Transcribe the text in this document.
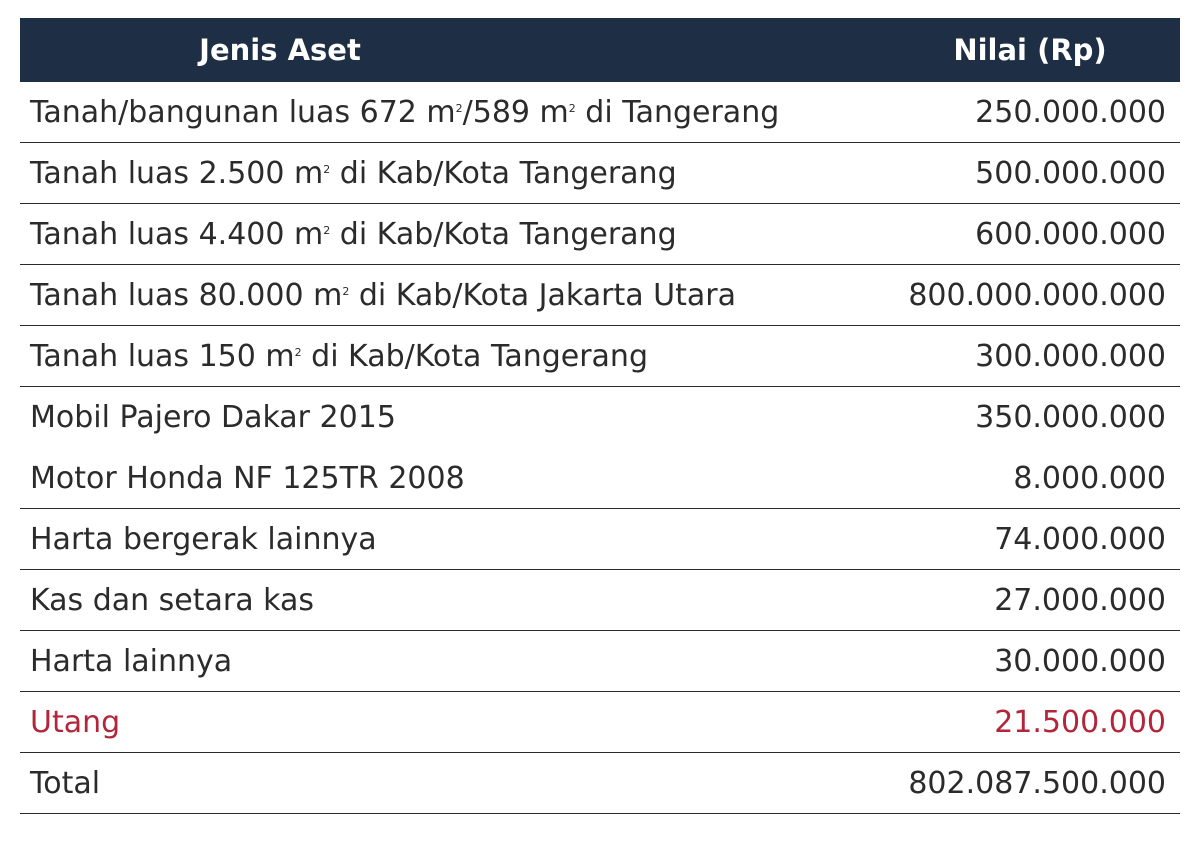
Jenis Aset	Nilai (Rp)
Tanah/bangunan luas 672 $m^2/589$ $m^2$ di Tangerang	250.000.000
Tanah luas 2.500 $m^2$ di Kab/Kota Tangerang	500.000.000
Tanah luas 4.400 $m^2$ di Kab/Kota Tangerang	600.000.000
Tanah luas 80.000 $m^2$ di Kab/Kota Jakarta Utara	800.000.000.000
Tanah luas 150 $m^2$ di Kab/Kota Tangerang	300.000.000
Mobil Pajero Dakar 2015	350.000.000
Motor Honda NF 125TR 2008	8.000.000
Harta bergerak lainnya	74.000.000
Kas dan setara kas	27.000.000
Harta lainnya	30.000.000
Utang	21.500.000
Total	802.087.500.000
